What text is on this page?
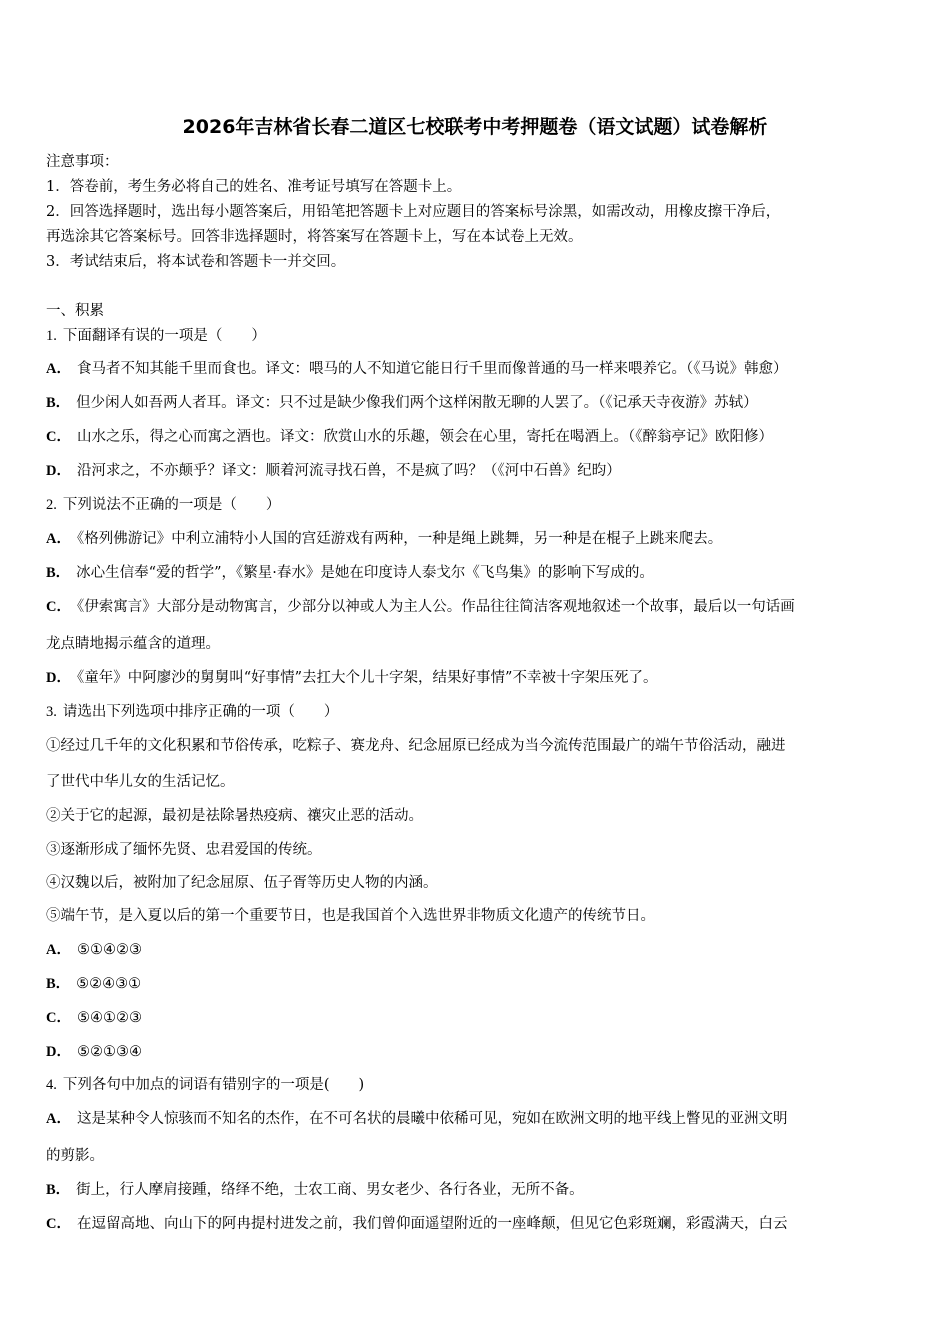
2026年吉林省长春二道区七校联考中考押题卷（语文试题）试卷解析
注意事项：
1．答卷前，考生务必将自己的姓名、准考证号填写在答题卡上。
2．回答选择题时，选出每小题答案后，用铅笔把答题卡上对应题目的答案标号涂黑，如需改动，用橡皮擦干净后，
再选涂其它答案标号。回答非选择题时，将答案写在答题卡上，写在本试卷上无效。
3．考试结束后，将本试卷和答题卡一并交回。
一、积累
1. 下面翻译有误的一项是（　　）
A． 食马者不知其能千里而食也。译文：喂马的人不知道它能日行千里而像普通的马一样来喂养它。（《马说》韩愈）
B． 但少闲人如吾两人者耳。译文：只不过是缺少像我们两个这样闲散无聊的人罢了。（《记承天寺夜游》苏轼）
C． 山水之乐，得之心而寓之酒也。译文：欣赏山水的乐趣，领会在心里，寄托在喝酒上。（《醉翁亭记》欧阳修）
D． 沿河求之，不亦颠乎？译文：顺着河流寻找石兽，不是疯了吗？（《河中石兽》纪昀）
2. 下列说法不正确的一项是（　　）
A． 《格列佛游记》中利立浦特小人国的宫廷游戏有两种，一种是绳上跳舞，另一种是在棍子上跳来爬去。
B． 冰心生信奉“爱的哲学”，《繁星·春水》是她在印度诗人泰戈尔《飞鸟集》的影响下写成的。
C． 《伊索寓言》大部分是动物寓言，少部分以神或人为主人公。作品往往简洁客观地叙述一个故事，最后以一句话画
龙点睛地揭示蕴含的道理。
D． 《童年》中阿廖沙的舅舅叫“好事情”去扛大个儿十字架，结果好事情”不幸被十字架压死了。
3. 请选出下列选项中排序正确的一项（　　）
①经过几千年的文化积累和节俗传承，吃粽子、赛龙舟、纪念屈原已经成为当今流传范围最广的端午节俗活动，融进
了世代中华儿女的生活记忆。
②关于它的起源，最初是祛除暑热疫病、禳灾止恶的活动。
③逐渐形成了缅怀先贤、忠君爱国的传统。
④汉魏以后，被附加了纪念屈原、伍子胥等历史人物的内涵。
⑤端午节，是入夏以后的第一个重要节日，也是我国首个入选世界非物质文化遗产的传统节日。
A． ⑤①④②③
B． ⑤②④③①
C． ⑤④①②③
D． ⑤②①③④
4. 下列各句中加点的词语有错别字的一项是(　　)
A． 这是某种令人惊骇而不知名的杰作，在不可名状的晨曦中依稀可见，宛如在欧洲文明的地平线上瞥见的亚洲文明
的剪影。
B． 街上，行人摩肩接踵，络绎不绝，士农工商、男女老少、各行各业，无所不备。
C． 在逗留高地、向山下的阿冉提村进发之前，我们曾仰面遥望附近的一座峰颠，但见它色彩斑斓，彩霞满天，白云
